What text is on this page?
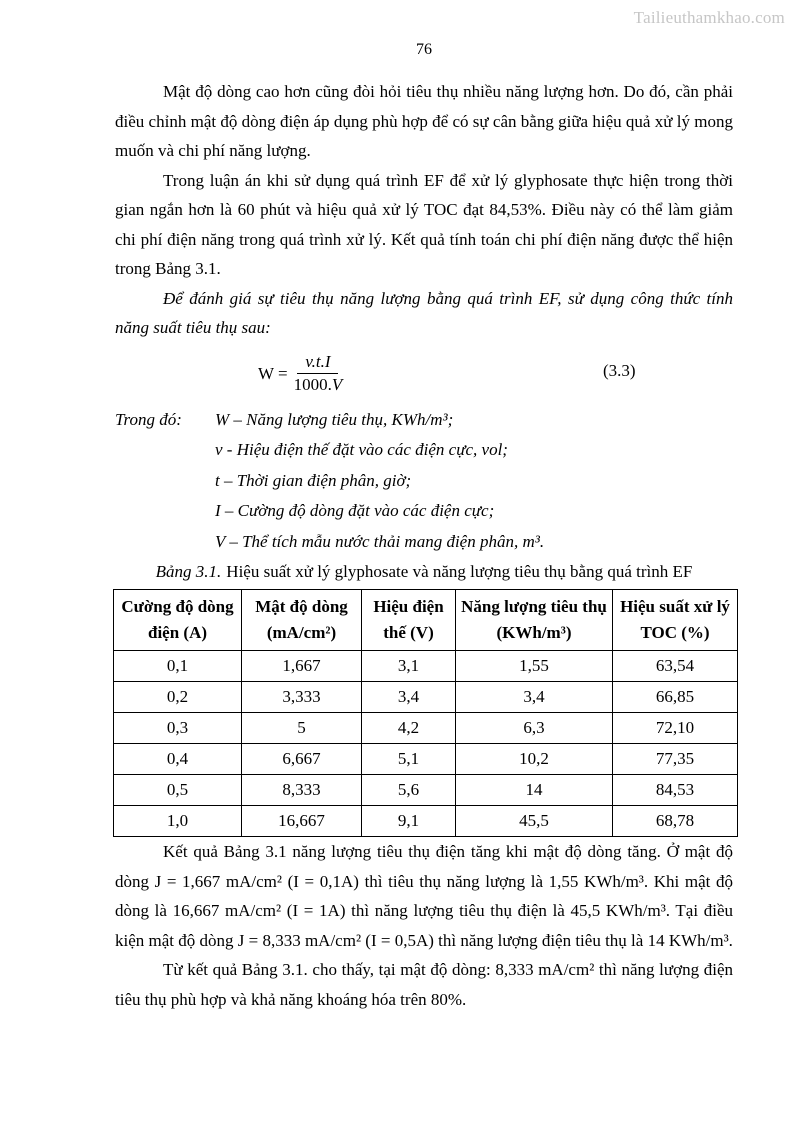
Tailieuthamkhao.com
76

Mật độ dòng cao hơn cũng đòi hỏi tiêu thụ nhiều năng lượng hơn. Do đó, cần phải điều chỉnh mật độ dòng điện áp dụng phù hợp để có sự cân bằng giữa hiệu quả xử lý mong muốn và chi phí năng lượng.

Trong luận án khi sử dụng quá trình EF để xử lý glyphosate thực hiện trong thời gian ngắn hơn là 60 phút và hiệu quả xử lý TOC đạt 84,53%. Điều này có thể làm giảm chi phí điện năng trong quá trình xử lý. Kết quả tính toán chi phí điện năng được thể hiện trong Bảng 3.1.

Để đánh giá sự tiêu thụ năng lượng bằng quá trình EF, sử dụng công thức tính năng suất tiêu thụ sau:

$W = \frac{v.t.I}{1000.V}$	(3.3)
Trong đó:	W – Năng lượng tiêu thụ, KWh/m³;
v - Hiệu điện thế đặt vào các điện cực, vol;
t – Thời gian điện phân, giờ;
I – Cường độ dòng đặt vào các điện cực;
V – Thể tích mẫu nước thải mang điện phân, m³.
Bảng 3.1. Hiệu suất xử lý glyphosate và năng lượng tiêu thụ bằng quá trình EF
Cường độ dòng điện (A)	Mật độ dòng (mA/cm²)	Hiệu điện thế (V)	Năng lượng tiêu thụ (KWh/m³)	Hiệu suất xử lý TOC (%)
0,1	1,667	3,1	1,55	63,54
0,2	3,333	3,4	3,4	66,85
0,3	5	4,2	6,3	72,10
0,4	6,667	5,1	10,2	77,35
0,5	8,333	5,6	14	84,53
1,0	16,667	9,1	45,5	68,78

Kết quả Bảng 3.1 năng lượng tiêu thụ điện tăng khi mật độ dòng tăng. Ở mật độ dòng J = 1,667 mA/cm² (I = 0,1A) thì tiêu thụ năng lượng là 1,55 KWh/m³. Khi mật độ dòng là 16,667 mA/cm² (I = 1A) thì năng lượng tiêu thụ điện là 45,5 KWh/m³. Tại điều kiện mật độ dòng J = 8,333 mA/cm² (I = 0,5A) thì năng lượng điện tiêu thụ là 14 KWh/m³.

Từ kết quả Bảng 3.1. cho thấy, tại mật độ dòng: 8,333 mA/cm² thì năng lượng điện tiêu thụ phù hợp và khả năng khoáng hóa trên 80%.
